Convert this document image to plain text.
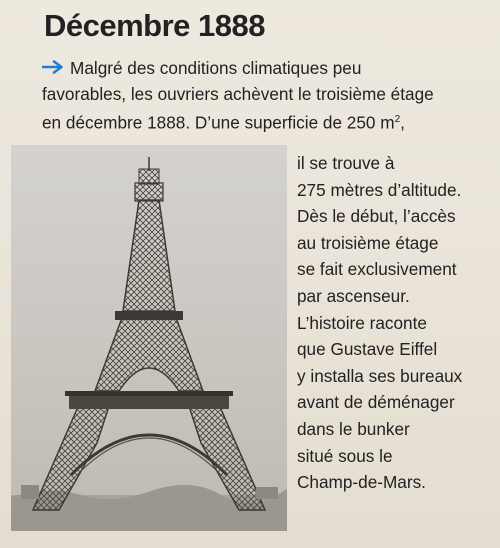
Décembre 1888
Malgré des conditions climatiques peu
favorables, les ouvriers achèvent le troisième étage
en décembre 1888. D’une superficie de 250 $m^2$,
il se trouve à
275 mètres d’altitude.
Dès le début, l’accès
au troisième étage
se fait exclusivement
par ascenseur.
L’histoire raconte
que Gustave Eiffel
y installa ses bureaux
avant de déménager
dans le bunker
situé sous le
Champ-de-Mars.
